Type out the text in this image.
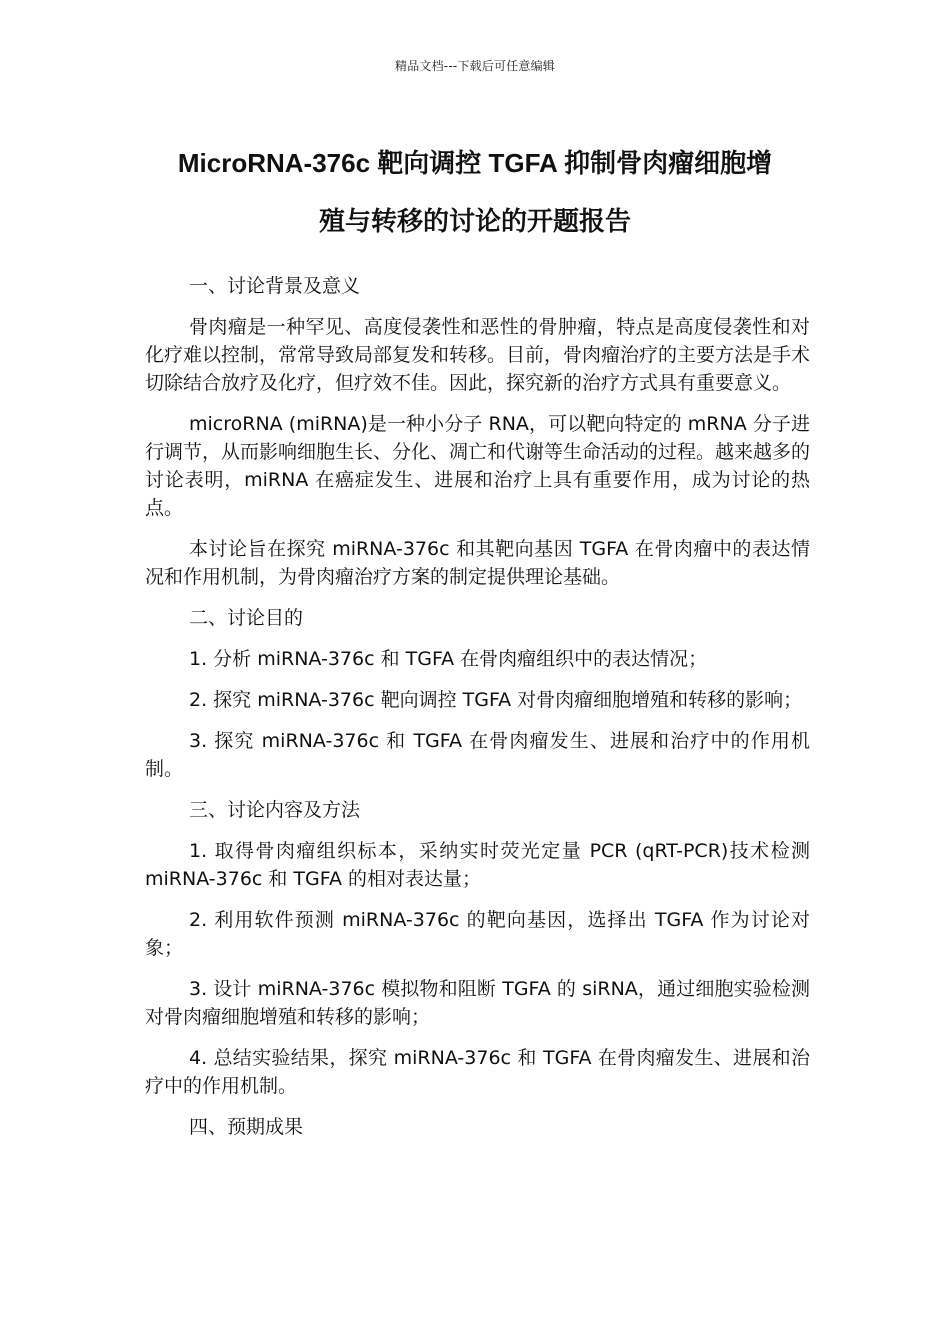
精品文档---下载后可任意编辑
MicroRNA-376c 靶向调控 TGFA 抑制骨肉瘤细胞增
殖与转移的讨论的开题报告

一、讨论背景及意义

骨肉瘤是一种罕见、高度侵袭性和恶性的骨肿瘤，特点是高度侵袭性和对化疗难以控制，常常导致局部复发和转移。目前，骨肉瘤治疗的主要方法是手术切除结合放疗及化疗，但疗效不佳。因此，探究新的治疗方式具有重要意义。

microRNA (miRNA)是一种小分子 RNA，可以靶向特定的 mRNA 分子进行调节，从而影响细胞生长、分化、凋亡和代谢等生命活动的过程。越来越多的讨论表明，miRNA 在癌症发生、进展和治疗上具有重要作用，成为讨论的热点。

本讨论旨在探究 miRNA-376c 和其靶向基因 TGFA 在骨肉瘤中的表达情况和作用机制，为骨肉瘤治疗方案的制定提供理论基础。

二、讨论目的

1. 分析 miRNA-376c 和 TGFA 在骨肉瘤组织中的表达情况；

2. 探究 miRNA-376c 靶向调控 TGFA 对骨肉瘤细胞增殖和转移的影响；

3. 探究 miRNA-376c 和 TGFA 在骨肉瘤发生、进展和治疗中的作用机制。

三、讨论内容及方法

1. 取得骨肉瘤组织标本，采纳实时荧光定量 PCR (qRT-PCR)技术检测 miRNA-376c 和 TGFA 的相对表达量；

2. 利用软件预测 miRNA-376c 的靶向基因，选择出 TGFA 作为讨论对象；

3. 设计 miRNA-376c 模拟物和阻断 TGFA 的 siRNA，通过细胞实验检测对骨肉瘤细胞增殖和转移的影响；

4. 总结实验结果，探究 miRNA-376c 和 TGFA 在骨肉瘤发生、进展和治疗中的作用机制。

四、预期成果
